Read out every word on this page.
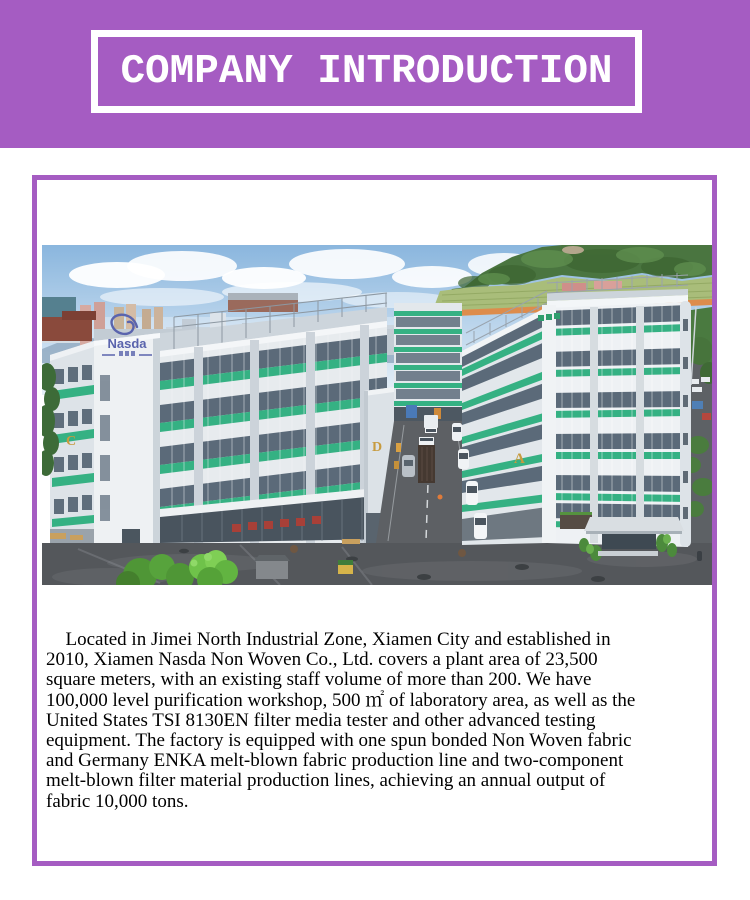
COMPANY INTRODUCTION
C
Nasda
D
A
Located in Jimei North Industrial Zone, Xiamen City and established in
2010, Xiamen Nasda Non Woven Co., Ltd. covers a plant area of 23,500
square meters, with an existing staff volume of more than 200. We have
100,000 level purification workshop, 500 ㎡ of laboratory area, as well as the
United States TSI 8130EN filter media tester and other advanced testing
equipment. The factory is equipped with one spun bonded Non Woven fabric
and Germany ENKA melt-blown fabric production line and two-component
melt-blown filter material production lines, achieving an annual output of
fabric 10,000 tons.
